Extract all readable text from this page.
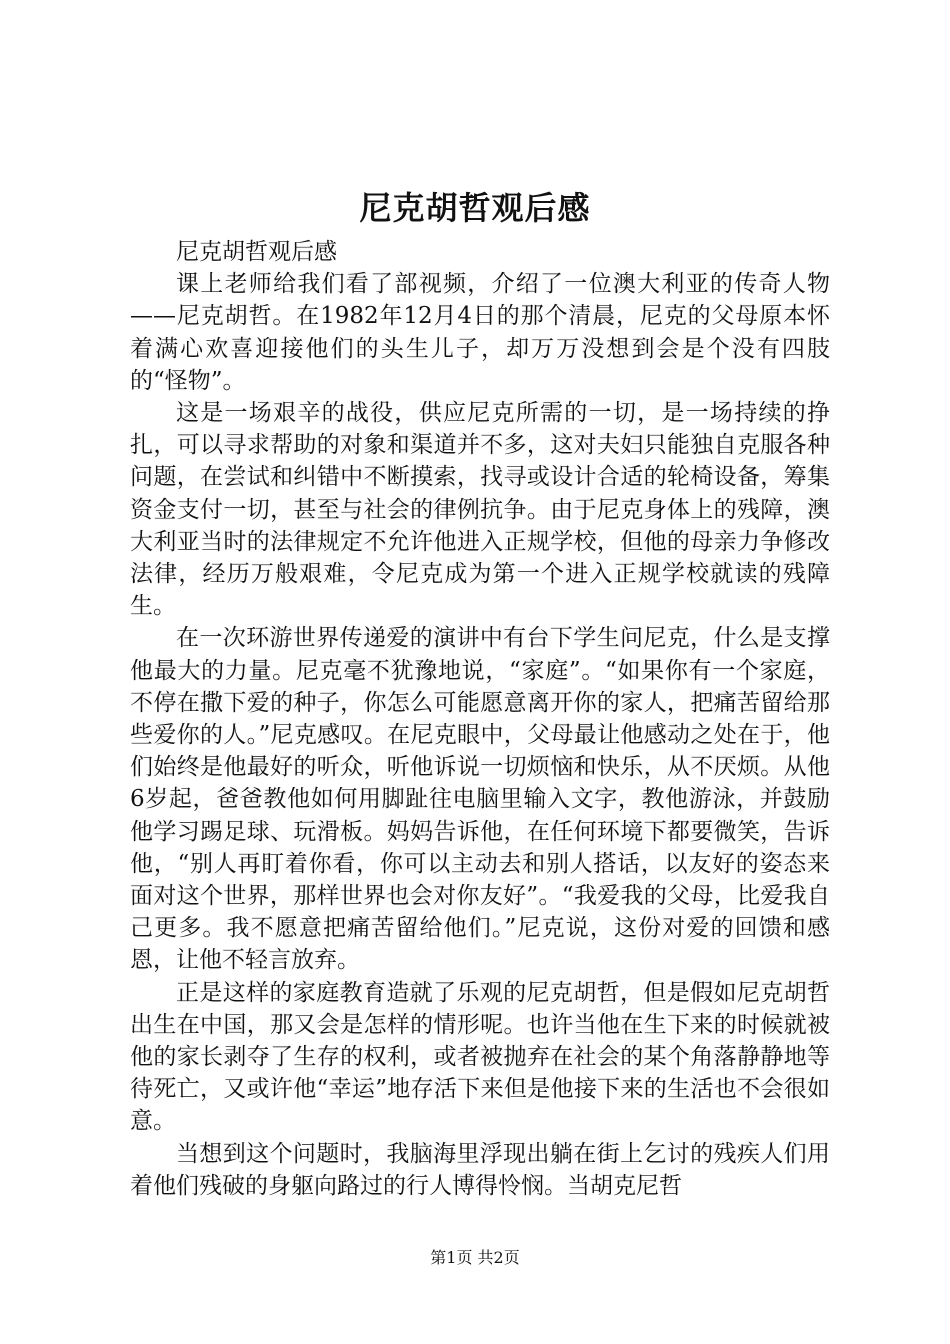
尼克胡哲观后感

尼克胡哲观后感

课上老师给我们看了部视频，介绍了一位澳大利亚的传奇人物——尼克胡哲。在1982年12月4日的那个清晨，尼克的父母原本怀着满心欢喜迎接他们的头生儿子，却万万没想到会是个没有四肢的“怪物”。

这是一场艰辛的战役，供应尼克所需的一切，是一场持续的挣扎，可以寻求帮助的对象和渠道并不多，这对夫妇只能独自克服各种问题，在尝试和纠错中不断摸索，找寻或设计合适的轮椅设备，筹集资金支付一切，甚至与社会的律例抗争。由于尼克身体上的残障，澳大利亚当时的法律规定不允许他进入正规学校，但他的母亲力争修改法律，经历万般艰难，令尼克成为第一个进入正规学校就读的残障生。

在一次环游世界传递爱的演讲中有台下学生问尼克，什么是支撑他最大的力量。尼克毫不犹豫地说，“家庭”。“如果你有一个家庭，不停在撒下爱的种子，你怎么可能愿意离开你的家人，把痛苦留给那些爱你的人。”尼克感叹。在尼克眼中，父母最让他感动之处在于，他们始终是他最好的听众，听他诉说一切烦恼和快乐，从不厌烦。从他6岁起，爸爸教他如何用脚趾往电脑里输入文字，教他游泳，并鼓励他学习踢足球、玩滑板。妈妈告诉他，在任何环境下都要微笑，告诉他，“别人再盯着你看，你可以主动去和别人搭话，以友好的姿态来面对这个世界，那样世界也会对你友好”。“我爱我的父母，比爱我自己更多。我不愿意把痛苦留给他们。”尼克说，这份对爱的回馈和感恩，让他不轻言放弃。

正是这样的家庭教育造就了乐观的尼克胡哲，但是假如尼克胡哲出生在中国，那又会是怎样的情形呢。也许当他在生下来的时候就被他的家长剥夺了生存的权利，或者被抛弃在社会的某个角落静静地等待死亡，又或许他“幸运”地存活下来但是他接下来的生活也不会很如意。

当想到这个问题时，我脑海里浮现出躺在街上乞讨的残疾人们用着他们残破的身躯向路过的行人博得怜悯。当胡克尼哲

第1页 共2页
